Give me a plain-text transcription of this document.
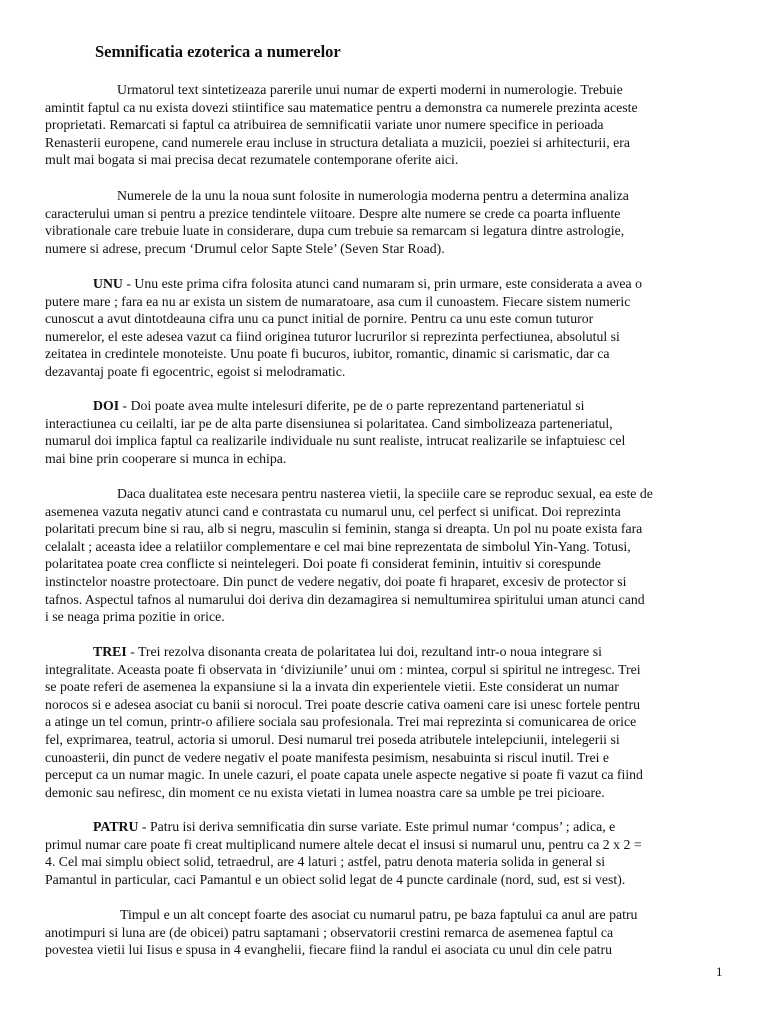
Semnificatia ezoterica a numerelor
Urmatorul text sintetizeaza parerile unui numar de experti moderni in numerologie. Trebuie
amintit faptul ca nu exista dovezi stiintifice sau matematice pentru a demonstra ca numerele prezinta aceste
proprietati. Remarcati si faptul ca atribuirea de semnificatii variate unor numere specifice in perioada
Renasterii europene, cand numerele erau incluse in structura detaliata a muzicii, poeziei si arhitecturii, era
mult mai bogata si mai precisa decat rezumatele contemporane oferite aici.
Numerele de la unu la noua sunt folosite in numerologia moderna pentru a determina analiza
caracterului uman si pentru a prezice tendintele viitoare. Despre alte numere se crede ca poarta influente
vibrationale care trebuie luate in considerare, dupa cum trebuie sa remarcam si legatura dintre astrologie,
numere si adrese, precum ‘Drumul celor Sapte Stele’ (Seven Star Road).
UNU - Unu este prima cifra folosita atunci cand numaram si, prin urmare, este considerata a avea o
putere mare ; fara ea nu ar exista un sistem de numaratoare, asa cum il cunoastem. Fiecare sistem numeric
cunoscut a avut dintotdeauna cifra unu ca punct initial de pornire. Pentru ca unu este comun tuturor
numerelor, el este adesea vazut ca fiind originea tuturor lucrurilor si reprezinta perfectiunea, absolutul si
zeitatea in credintele monoteiste. Unu poate fi bucuros, iubitor, romantic, dinamic si carismatic, dar ca
dezavantaj poate fi egocentric, egoist si melodramatic.
DOI - Doi poate avea multe intelesuri diferite, pe de o parte reprezentand parteneriatul si
interactiunea cu ceilalti, iar pe de alta parte disensiunea si polaritatea. Cand simbolizeaza parteneriatul,
numarul doi implica faptul ca realizarile individuale nu sunt realiste, intrucat realizarile se infaptuiesc cel
mai bine prin cooperare si munca in echipa.
Daca dualitatea este necesara pentru nasterea vietii, la speciile care se reproduc sexual, ea este de
asemenea vazuta negativ atunci cand e contrastata cu numarul unu, cel perfect si unificat. Doi reprezinta
polaritati precum bine si rau, alb si negru, masculin si feminin, stanga si dreapta. Un pol nu poate exista fara
celalalt ; aceasta idee a relatiilor complementare e cel mai bine reprezentata de simbolul Yin-Yang. Totusi,
polaritatea poate crea conflicte si neintelegeri. Doi poate fi considerat feminin, intuitiv si corespunde
instinctelor noastre protectoare. Din punct de vedere negativ, doi poate fi hraparet, excesiv de protector si
tafnos. Aspectul tafnos al numarului doi deriva din dezamagirea si nemultumirea spiritului uman atunci cand
i se neaga prima pozitie in orice.
TREI - Trei rezolva disonanta creata de polaritatea lui doi, rezultand intr-o noua integrare si
integralitate. Aceasta poate fi observata in ‘diviziunile’ unui om : mintea, corpul si spiritul ne intregesc. Trei
se poate referi de asemenea la expansiune si la a invata din experientele vietii. Este considerat un numar
norocos si e adesea asociat cu banii si norocul. Trei poate descrie cativa oameni care isi unesc fortele pentru
a atinge un tel comun, printr-o afiliere sociala sau profesionala. Trei mai reprezinta si comunicarea de orice
fel, exprimarea, teatrul, actoria si umorul. Desi numarul trei poseda atributele intelepciunii, intelegerii si
cunoasterii, din punct de vedere negativ el poate manifesta pesimism, nesabuinta si riscul inutil. Trei e
perceput ca un numar magic. In unele cazuri, el poate capata unele aspecte negative si poate fi vazut ca fiind
demonic sau nefiresc, din moment ce nu exista vietati in lumea noastra care sa umble pe trei picioare.
PATRU - Patru isi deriva semnificatia din surse variate. Este primul numar ‘compus’ ; adica, e
primul numar care poate fi creat multiplicand numere altele decat el insusi si numarul unu, pentru ca 2 x 2 =
4. Cel mai simplu obiect solid, tetraedrul, are 4 laturi ; astfel, patru denota materia solida in general si
Pamantul in particular, caci Pamantul e un obiect solid legat de 4 puncte cardinale (nord, sud, est si vest).
Timpul e un alt concept foarte des asociat cu numarul patru, pe baza faptului ca anul are patru
anotimpuri si luna are (de obicei) patru saptamani ; observatorii crestini remarca de asemenea faptul ca
povestea vietii lui Iisus e spusa in 4 evanghelii, fiecare fiind la randul ei asociata cu unul din cele patru
1
